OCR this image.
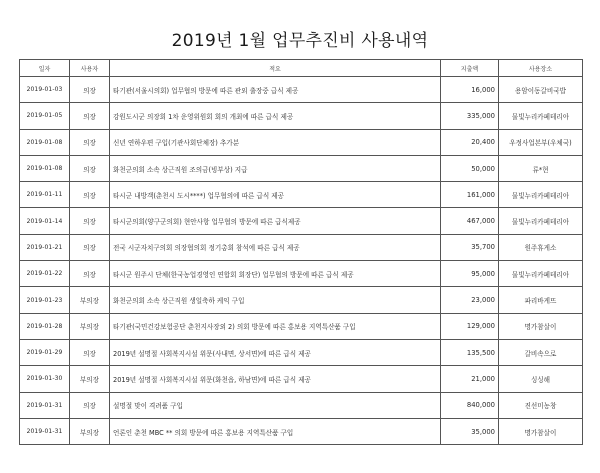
2019년 1월 업무추진비 사용내역
일자	사용자	적요	지출액	사용장소
2019-01-03	의장	타기관(서울시의회) 업무협의 방문에 따른 관외 출장중 급식 제공	16,000	용암이동갈비국밥
2019-01-05	의장	강원도시군 의장회 1차 운영위원회 회의 개최에 따른 급식 제공	335,000	물빛누리카페테리아
2019-01-08	의장	신년 연하우편 구입(기관사회단체장) 추가분	20,400	우정사업본부(우체국)
2019-01-08	의장	화천군의회 소속 상근직원 조의금(빙부상) 지급	50,000	류*현
2019-01-11	의장	타시군 내방객(춘천시 도시****) 업무협의에 따른 급식 제공	161,000	물빛누리카페테리아
2019-01-14	의장	타시군의회(양구군의회) 현안사항 업무협의 방문에 따른 급식제공	467,000	물빛누리카페테리아
2019-01-21	의장	전국 시군자치구의회 의장협의회 정기총회 참석에 따른 급식 제공	35,700	원주휴게소
2019-01-22	의장	타시군 원주시 단체(한국농업경영인 연합회 회장단) 업무협의 방문에 따른 급식 제공	95,000	물빛누리카페테리아
2019-01-23	부의장	화천군의회 소속 상근직원 생일축하 케익 구입	23,000	파리바게뜨
2019-01-28	부의장	타기관(국민건강보험공단 춘천지사장외 2) 의회 방문에 따른 홍보용 지역특산품 구입	129,000	명가참살이
2019-01-29	의장	2019년 설명절 사회복지시설 위문(사내면, 상서면)에 따른 급식 제공	135,500	갈비속으로
2019-01-30	부의장	2019년 설명절 사회복지시설 위문(화천읍, 하남면)에 따른 급식 제공	21,000	싱싱해
2019-01-31	의장	설명절 맞이 격려품 구입	840,000	진선미농창
2019-01-31	부의장	언론인 춘천 MBC ** 의회 방문에 따른 홍보용 지역특산품 구입	35,000	명가참살이
